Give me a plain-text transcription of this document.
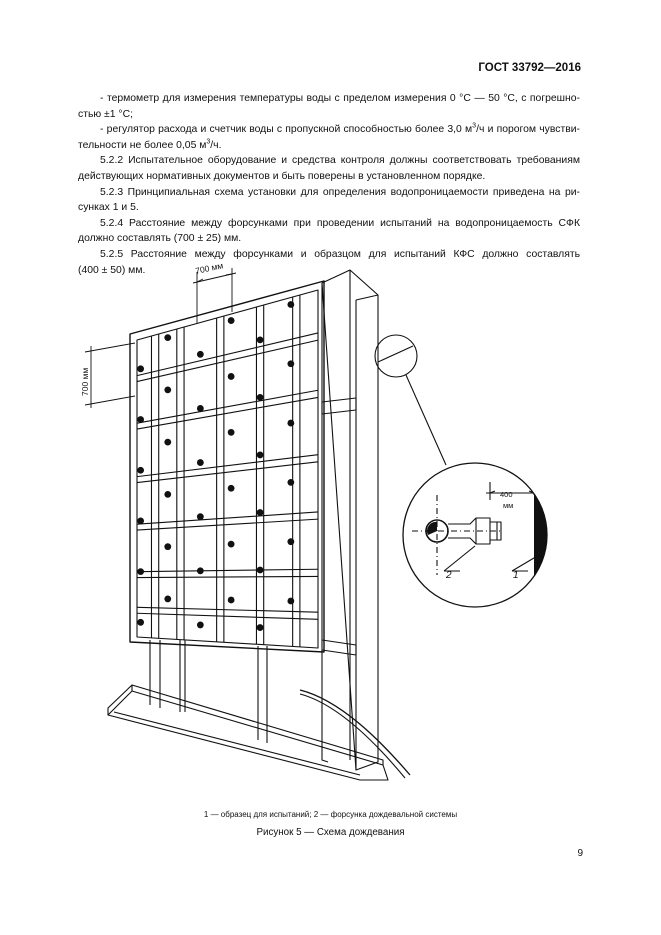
ГОСТ 33792—2016

- термометр для измерения температуры воды с пределом измерения 0 °С — 50 °С, с погрешно-

стью ±1 °С;

- регулятор расхода и счетчик воды с пропускной способностью более 3,0 $м^3/ч$ и порогом чувстви-

тельности не более 0,05 $м^3/ч$.

5.2.2 Испытательное оборудование и средства контроля должны соответствовать требованиям

действующих нормативных документов и быть поверены в установленном порядке.

5.2.3 Принципиальная схема установки для определения водопроницаемости приведена на ри-

сунках 1 и 5.

5.2.4 Расстояние между форсунками при проведении испытаний на водопроницаемость СФК

должно составлять (700 ± 25) мм.

5.2.5 Расстояние между форсунками и образцом для испытаний КФС должно составлять

(400 ± 50) мм.	700 мм
700 мм
400
мм
2	1
1 — образец для испытаний; 2 — форсунка дождевальной системы
Рисунок 5 — Схема дождевания
9
